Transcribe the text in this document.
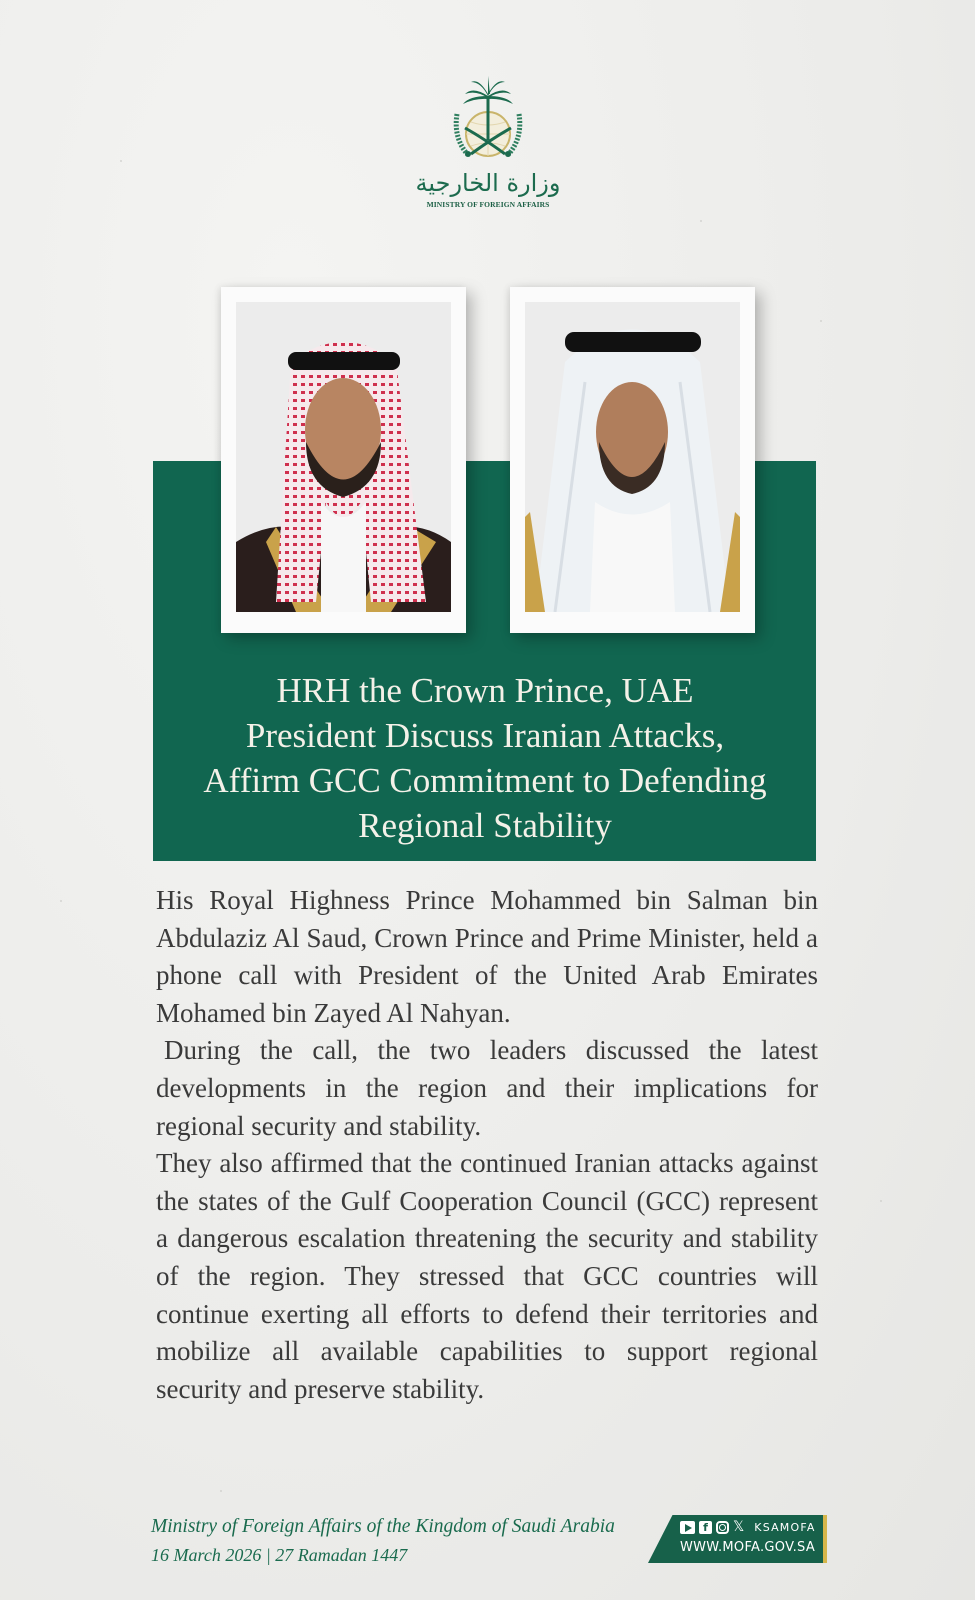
وزارة الخارجية
MINISTRY OF FOREIGN AFFAIRS
HRH the Crown Prince, UAE
President Discuss Iranian Attacks,
Affirm GCC Commitment to Defending
Regional Stability

His Royal Highness Prince Mohammed bin Salman bin Abdulaziz Al Saud, Crown Prince and Prime Minister, held a phone call with President of the United Arab Emirates Mohamed bin Zayed Al Nahyan.

During the call, the two leaders discussed the latest developments in the region and their implications for regional security and stability.

They also affirmed that the continued Iranian attacks against the states of the Gulf Cooperation Council (GCC) represent a dangerous escalation threatening the security and stability of the region. They stressed that GCC countries will continue exerting all efforts to defend their territories and mobilize all available capabilities to support regional security and preserve stability.

Ministry of Foreign Affairs of the Kingdom of Saudi Arabia
16 March 2026 | 27 Ramadan 1447
f 𝕏 KSAMOFA
WWW.MOFA.GOV.SA
